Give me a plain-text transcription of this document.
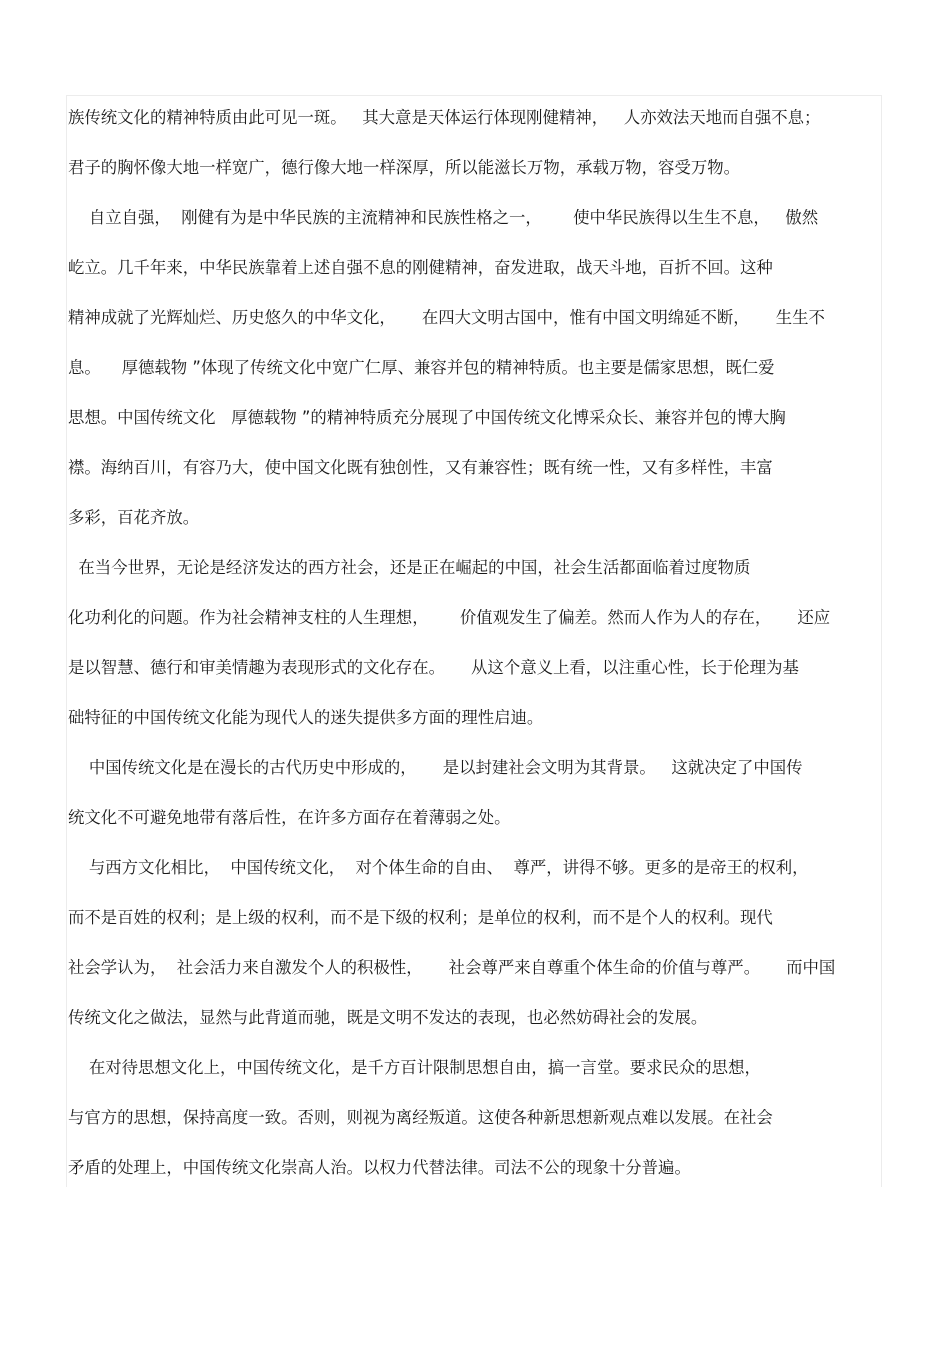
族传统文化的精神特质由此可见一斑。   其大意是天体运行体现刚健精神，   人亦效法天地而自强不息；
君子的胸怀像大地一样宽广，德行像大地一样深厚，所以能滋长万物，承载万物，容受万物。
自立自强，  刚健有为是中华民族的主流精神和民族性格之一，      使中华民族得以生生不息，   傲然
屹立。几千年来，中华民族靠着上述自强不息的刚健精神，奋发进取，战天斗地，百折不回。这种
精神成就了光辉灿烂、历史悠久的中华文化，     在四大文明古国中，惟有中国文明绵延不断，     生生不
息。    厚德载物 ”体现了传统文化中宽广仁厚、兼容并包的精神特质。也主要是儒家思想，既仁爱
思想。中国传统文化   厚德载物 ”的精神特质充分展现了中国传统文化博采众长、兼容并包的博大胸
襟。海纳百川，有容乃大，使中国文化既有独创性，又有兼容性；既有统一性，又有多样性，丰富
多彩，百花齐放。
在当今世界，无论是经济发达的西方社会，还是正在崛起的中国，社会生活都面临着过度物质
化功利化的问题。作为社会精神支柱的人生理想，      价值观发生了偏差。然而人作为人的存在，     还应
是以智慧、德行和审美情趣为表现形式的文化存在。     从这个意义上看，以注重心性，长于伦理为基
础特征的中国传统文化能为现代人的迷失提供多方面的理性启迪。
中国传统文化是在漫长的古代历史中形成的，     是以封建社会文明为其背景。   这就决定了中国传
统文化不可避免地带有落后性，在许多方面存在着薄弱之处。
与西方文化相比，  中国传统文化，  对个体生命的自由、  尊严，讲得不够。更多的是帝王的权利，
而不是百姓的权利；是上级的权利，而不是下级的权利；是单位的权利，而不是个人的权利。现代
社会学认为，  社会活力来自激发个人的积极性，     社会尊严来自尊重个体生命的价值与尊严。     而中国
传统文化之做法，显然与此背道而驰，既是文明不发达的表现，也必然妨碍社会的发展。
在对待思想文化上，中国传统文化，是千方百计限制思想自由，搞一言堂。要求民众的思想，
与官方的思想，保持高度一致。否则，则视为离经叛道。这使各种新思想新观点难以发展。在社会
矛盾的处理上，中国传统文化崇高人治。以权力代替法律。司法不公的现象十分普遍。
